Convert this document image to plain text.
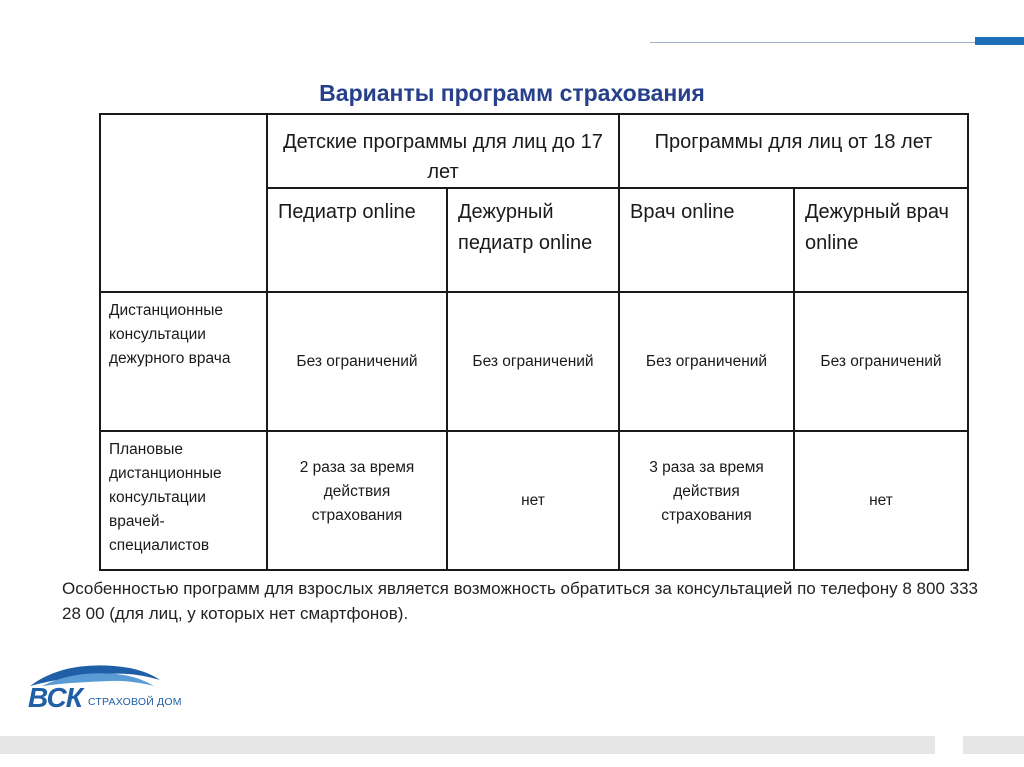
Варианты программ страхования
	Детские программы для лиц до 17 лет		Программы для лиц от 18 лет	
	Педиатр online	Дежурный педиатр online	Врач online	Дежурный врач online
Дистанционные консультации дежурного врача	Без ограничений	Без ограничений	Без ограничений	Без ограничений
Плановые дистанционные консультации врачей-специалистов	2 раза за время действия страхования	нет	3 раза за время действия страхования	нет
Особенностью программ для взрослых является возможность обратиться за консультацией по телефону 8 800 333 28 00 (для лиц, у которых нет смартфонов).
ВСК СТРАХОВОЙ ДОМ
